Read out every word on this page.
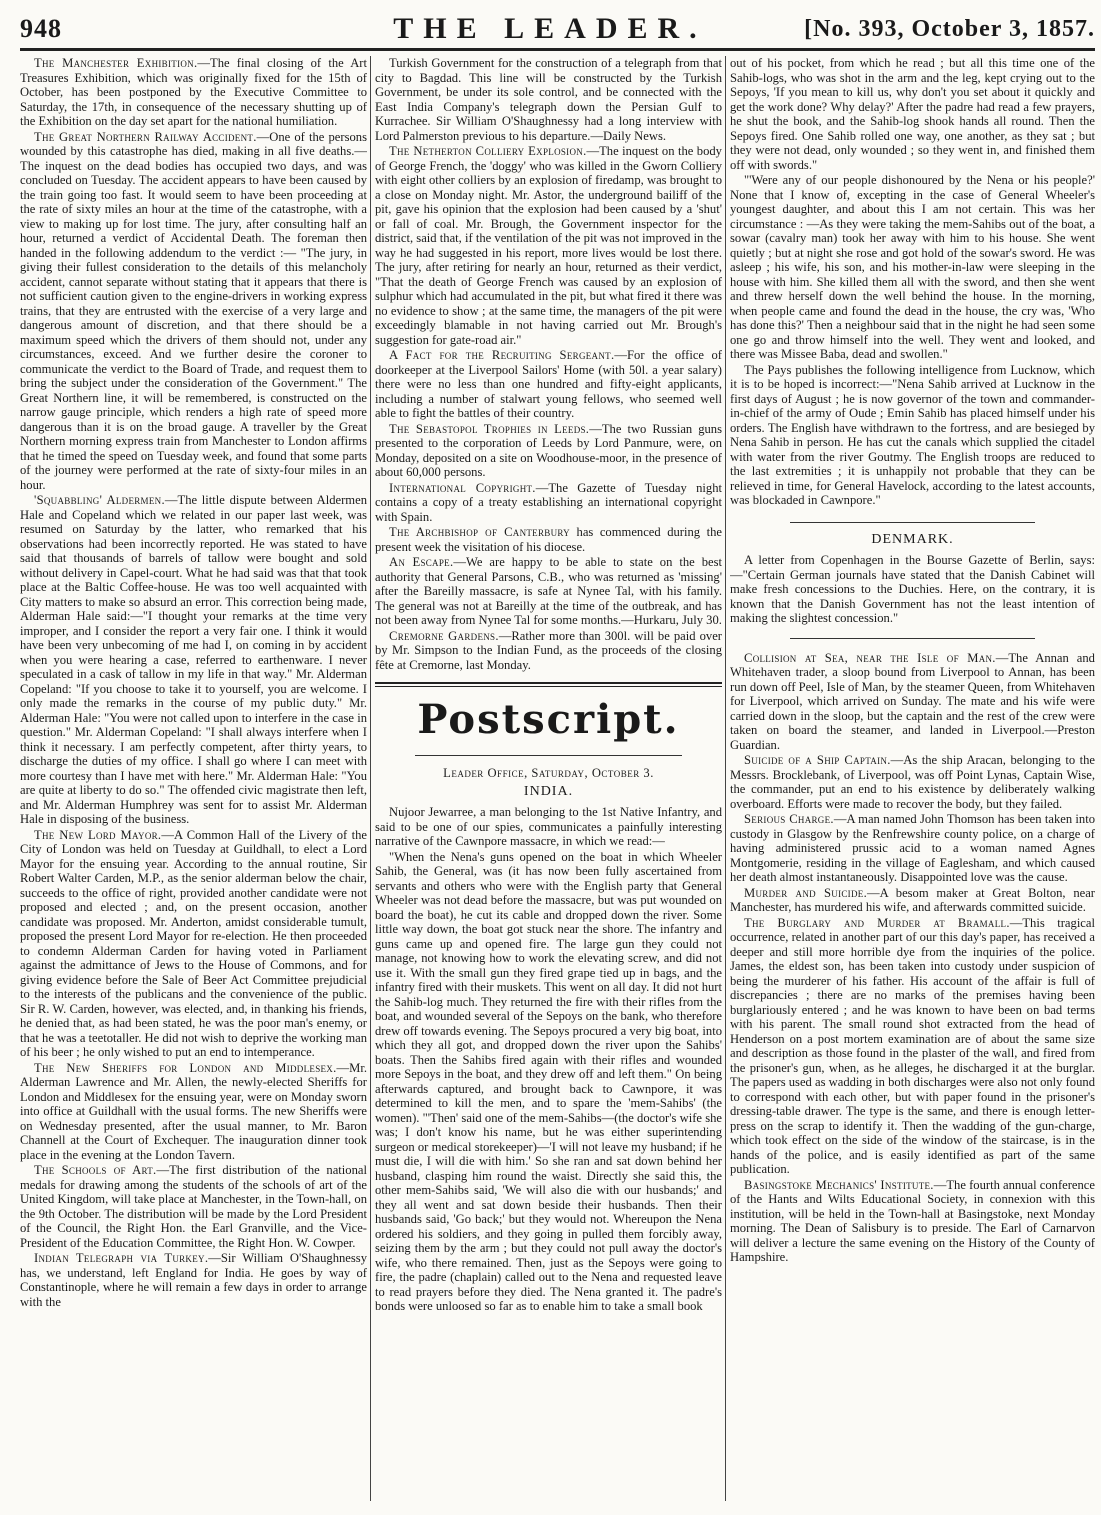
948	THE LEADER.	[No. 393, October 3, 1857.

The Manchester Exhibition.—The final closing of the Art Treasures Exhibition, which was originally fixed for the 15th of October, has been postponed by the Executive Committee to Saturday, the 17th, in consequence of the necessary shutting up of the Exhibition on the day set apart for the national humiliation.

The Great Northern Railway Accident.—One of the persons wounded by this catastrophe has died, making in all five deaths.—The inquest on the dead bodies has occupied two days, and was concluded on Tuesday. The accident appears to have been caused by the train going too fast. It would seem to have been proceeding at the rate of sixty miles an hour at the time of the catastrophe, with a view to making up for lost time. The jury, after consulting half an hour, returned a verdict of Accidental Death. The foreman then handed in the following addendum to the verdict :— "The jury, in giving their fullest consideration to the details of this melancholy accident, cannot separate without stating that it appears that there is not sufficient caution given to the engine-drivers in working express trains, that they are entrusted with the exercise of a very large and dangerous amount of discretion, and that there should be a maximum speed which the drivers of them should not, under any circumstances, exceed. And we further desire the coroner to communicate the verdict to the Board of Trade, and request them to bring the subject under the consideration of the Government." The Great Northern line, it will be remembered, is constructed on the narrow gauge principle, which renders a high rate of speed more dangerous than it is on the broad gauge. A traveller by the Great Northern morning express train from Manchester to London affirms that he timed the speed on Tuesday week, and found that some parts of the journey were performed at the rate of sixty-four miles in an hour.

'Squabbling' Aldermen.—The little dispute between Aldermen Hale and Copeland which we related in our paper last week, was resumed on Saturday by the latter, who remarked that his observations had been incorrectly reported. He was stated to have said that thousands of barrels of tallow were bought and sold without delivery in Capel-court. What he had said was that that took place at the Baltic Coffee-house. He was too well acquainted with City matters to make so absurd an error. This correction being made, Alderman Hale said:—"I thought your remarks at the time very improper, and I consider the report a very fair one. I think it would have been very unbecoming of me had I, on coming in by accident when you were hearing a case, referred to earthenware. I never speculated in a cask of tallow in my life in that way." Mr. Alderman Copeland: "If you choose to take it to yourself, you are welcome. I only made the remarks in the course of my public duty." Mr. Alderman Hale: "You were not called upon to interfere in the case in question." Mr. Alderman Copeland: "I shall always interfere when I think it necessary. I am perfectly competent, after thirty years, to discharge the duties of my office. I shall go where I can meet with more courtesy than I have met with here." Mr. Alderman Hale: "You are quite at liberty to do so." The offended civic magistrate then left, and Mr. Alderman Humphrey was sent for to assist Mr. Alderman Hale in disposing of the business.

The New Lord Mayor.—A Common Hall of the Livery of the City of London was held on Tuesday at Guildhall, to elect a Lord Mayor for the ensuing year. According to the annual routine, Sir Robert Walter Carden, M.P., as the senior alderman below the chair, succeeds to the office of right, provided another candidate were not proposed and elected ; and, on the present occasion, another candidate was proposed. Mr. Anderton, amidst considerable tumult, proposed the present Lord Mayor for re-election. He then proceeded to condemn Alderman Carden for having voted in Parliament against the admittance of Jews to the House of Commons, and for giving evidence before the Sale of Beer Act Committee prejudicial to the interests of the publicans and the convenience of the public. Sir R. W. Carden, however, was elected, and, in thanking his friends, he denied that, as had been stated, he was the poor man's enemy, or that he was a teetotaller. He did not wish to deprive the working man of his beer ; he only wished to put an end to intemperance.

The New Sheriffs for London and Middlesex.—Mr. Alderman Lawrence and Mr. Allen, the newly-elected Sheriffs for London and Middlesex for the ensuing year, were on Monday sworn into office at Guildhall with the usual forms. The new Sheriffs were on Wednesday presented, after the usual manner, to Mr. Baron Channell at the Court of Exchequer. The inauguration dinner took place in the evening at the London Tavern.

The Schools of Art.—The first distribution of the national medals for drawing among the students of the schools of art of the United Kingdom, will take place at Manchester, in the Town-hall, on the 9th October. The distribution will be made by the Lord President of the Council, the Right Hon. the Earl Granville, and the Vice-President of the Education Committee, the Right Hon. W. Cowper.

Indian Telegraph via Turkey.—Sir William O'Shaughnessy has, we understand, left England for India. He goes by way of Constantinople, where he will remain a few days in order to arrange with the

Turkish Government for the construction of a telegraph from that city to Bagdad. This line will be constructed by the Turkish Government, be under its sole control, and be connected with the East India Company's telegraph down the Persian Gulf to Kurrachee. Sir William O'Shaughnessy had a long interview with Lord Palmerston previous to his departure.—Daily News.

The Netherton Colliery Explosion.—The inquest on the body of George French, the 'doggy' who was killed in the Gworn Colliery with eight other colliers by an explosion of firedamp, was brought to a close on Monday night. Mr. Astor, the underground bailiff of the pit, gave his opinion that the explosion had been caused by a 'shut' or fall of coal. Mr. Brough, the Government inspector for the district, said that, if the ventilation of the pit was not improved in the way he had suggested in his report, more lives would be lost there. The jury, after retiring for nearly an hour, returned as their verdict, "That the death of George French was caused by an explosion of sulphur which had accumulated in the pit, but what fired it there was no evidence to show ; at the same time, the managers of the pit were exceedingly blamable in not having carried out Mr. Brough's suggestion for gate-road air."

A Fact for the Recruiting Sergeant.—For the office of doorkeeper at the Liverpool Sailors' Home (with 50l. a year salary) there were no less than one hundred and fifty-eight applicants, including a number of stalwart young fellows, who seemed well able to fight the battles of their country.

The Sebastopol Trophies in Leeds.—The two Russian guns presented to the corporation of Leeds by Lord Panmure, were, on Monday, deposited on a site on Woodhouse-moor, in the presence of about 60,000 persons.

International Copyright.—The Gazette of Tuesday night contains a copy of a treaty establishing an international copyright with Spain.

The Archbishop of Canterbury has commenced during the present week the visitation of his diocese.

An Escape.—We are happy to be able to state on the best authority that General Parsons, C.B., who was returned as 'missing' after the Bareilly massacre, is safe at Nynee Tal, with his family. The general was not at Bareilly at the time of the outbreak, and has not been away from Nynee Tal for some months.—Hurkaru, July 30.

Cremorne Gardens.—Rather more than 300l. will be paid over by Mr. Simpson to the Indian Fund, as the proceeds of the closing fête at Cremorne, last Monday.

Postscript.

Leader Office, Saturday, October 3.

INDIA.

Nujoor Jewarree, a man belonging to the 1st Native Infantry, and said to be one of our spies, communicates a painfully interesting narrative of the Cawnpore massacre, in which we read:—

"When the Nena's guns opened on the boat in which Wheeler Sahib, the General, was (it has now been fully ascertained from servants and others who were with the English party that General Wheeler was not dead before the massacre, but was put wounded on board the boat), he cut its cable and dropped down the river. Some little way down, the boat got stuck near the shore. The infantry and guns came up and opened fire. The large gun they could not manage, not knowing how to work the elevating screw, and did not use it. With the small gun they fired grape tied up in bags, and the infantry fired with their muskets. This went on all day. It did not hurt the Sahib-log much. They returned the fire with their rifles from the boat, and wounded several of the Sepoys on the bank, who therefore drew off towards evening. The Sepoys procured a very big boat, into which they all got, and dropped down the river upon the Sahibs' boats. Then the Sahibs fired again with their rifles and wounded more Sepoys in the boat, and they drew off and left them." On being afterwards captured, and brought back to Cawnpore, it was determined to kill the men, and to spare the 'mem-Sahibs' (the women). "'Then' said one of the mem-Sahibs—(the doctor's wife she was; I don't know his name, but he was either superintending surgeon or medical storekeeper)—'I will not leave my husband; if he must die, I will die with him.' So she ran and sat down behind her husband, clasping him round the waist. Directly she said this, the other mem-Sahibs said, 'We will also die with our husbands;' and they all went and sat down beside their husbands. Then their husbands said, 'Go back;' but they would not. Whereupon the Nena ordered his soldiers, and they going in pulled them forcibly away, seizing them by the arm ; but they could not pull away the doctor's wife, who there remained. Then, just as the Sepoys were going to fire, the padre (chaplain) called out to the Nena and requested leave to read prayers before they died. The Nena granted it. The padre's bonds were unloosed so far as to enable him to take a small book

out of his pocket, from which he read ; but all this time one of the Sahib-logs, who was shot in the arm and the leg, kept crying out to the Sepoys, 'If you mean to kill us, why don't you set about it quickly and get the work done? Why delay?' After the padre had read a few prayers, he shut the book, and the Sahib-log shook hands all round. Then the Sepoys fired. One Sahib rolled one way, one another, as they sat ; but they were not dead, only wounded ; so they went in, and finished them off with swords."

"'Were any of our people dishonoured by the Nena or his people?' None that I know of, excepting in the case of General Wheeler's youngest daughter, and about this I am not certain. This was her circumstance : —As they were taking the mem-Sahibs out of the boat, a sowar (cavalry man) took her away with him to his house. She went quietly ; but at night she rose and got hold of the sowar's sword. He was asleep ; his wife, his son, and his mother-in-law were sleeping in the house with him. She killed them all with the sword, and then she went and threw herself down the well behind the house. In the morning, when people came and found the dead in the house, the cry was, 'Who has done this?' Then a neighbour said that in the night he had seen some one go and throw himself into the well. They went and looked, and there was Missee Baba, dead and swollen."

The Pays publishes the following intelligence from Lucknow, which it is to be hoped is incorrect:—"Nena Sahib arrived at Lucknow in the first days of August ; he is now governor of the town and commander-in-chief of the army of Oude ; Emin Sahib has placed himself under his orders. The English have withdrawn to the fortress, and are besieged by Nena Sahib in person. He has cut the canals which supplied the citadel with water from the river Goutmy. The English troops are reduced to the last extremities ; it is unhappily not probable that they can be relieved in time, for General Havelock, according to the latest accounts, was blockaded in Cawnpore."

DENMARK.

A letter from Copenhagen in the Bourse Gazette of Berlin, says:—"Certain German journals have stated that the Danish Cabinet will make fresh concessions to the Duchies. Here, on the contrary, it is known that the Danish Government has not the least intention of making the slightest concession."

Collision at Sea, near the Isle of Man.—The Annan and Whitehaven trader, a sloop bound from Liverpool to Annan, has been run down off Peel, Isle of Man, by the steamer Queen, from Whitehaven for Liverpool, which arrived on Sunday. The mate and his wife were carried down in the sloop, but the captain and the rest of the crew were taken on board the steamer, and landed in Liverpool.—Preston Guardian.

Suicide of a Ship Captain.—As the ship Aracan, belonging to the Messrs. Brocklebank, of Liverpool, was off Point Lynas, Captain Wise, the commander, put an end to his existence by deliberately walking overboard. Efforts were made to recover the body, but they failed.

Serious Charge.—A man named John Thomson has been taken into custody in Glasgow by the Renfrewshire county police, on a charge of having administered prussic acid to a woman named Agnes Montgomerie, residing in the village of Eaglesham, and which caused her death almost instantaneously. Disappointed love was the cause.

Murder and Suicide.—A besom maker at Great Bolton, near Manchester, has murdered his wife, and afterwards committed suicide.

The Burglary and Murder at Bramall.—This tragical occurrence, related in another part of our this day's paper, has received a deeper and still more horrible dye from the inquiries of the police. James, the eldest son, has been taken into custody under suspicion of being the murderer of his father. His account of the affair is full of discrepancies ; there are no marks of the premises having been burglariously entered ; and he was known to have been on bad terms with his parent. The small round shot extracted from the head of Henderson on a post mortem examination are of about the same size and description as those found in the plaster of the wall, and fired from the prisoner's gun, when, as he alleges, he discharged it at the burglar. The papers used as wadding in both discharges were also not only found to correspond with each other, but with paper found in the prisoner's dressing-table drawer. The type is the same, and there is enough letter-press on the scrap to identify it. Then the wadding of the gun-charge, which took effect on the side of the window of the staircase, is in the hands of the police, and is easily identified as part of the same publication.

Basingstoke Mechanics' Institute.—The fourth annual conference of the Hants and Wilts Educational Society, in connexion with this institution, will be held in the Town-hall at Basingstoke, next Monday morning. The Dean of Salisbury is to preside. The Earl of Carnarvon will deliver a lecture the same evening on the History of the County of Hampshire.
